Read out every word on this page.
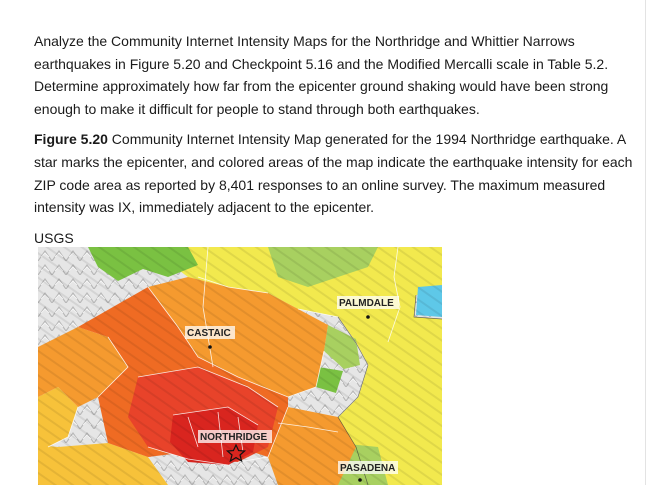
Analyze the Community Internet Intensity Maps for the Northridge and Whittier Narrows earthquakes in Figure 5.20 and Checkpoint 5.16 and the Modified Mercalli scale in Table 5.2. Determine approximately how far from the epicenter ground shaking would have been strong enough to make it difficult for people to stand through both earthquakes.

Figure 5.20 Community Internet Intensity Map generated for the 1994 Northridge earthquake. A star marks the epicenter, and colored areas of the map indicate the earthquake intensity for each ZIP code area as reported by 8,401 responses to an online survey. The maximum measured intensity was IX, immediately adjacent to the epicenter.

USGS

PALMDALE
CASTAIC
NORTHRIDGE
PASADENA
